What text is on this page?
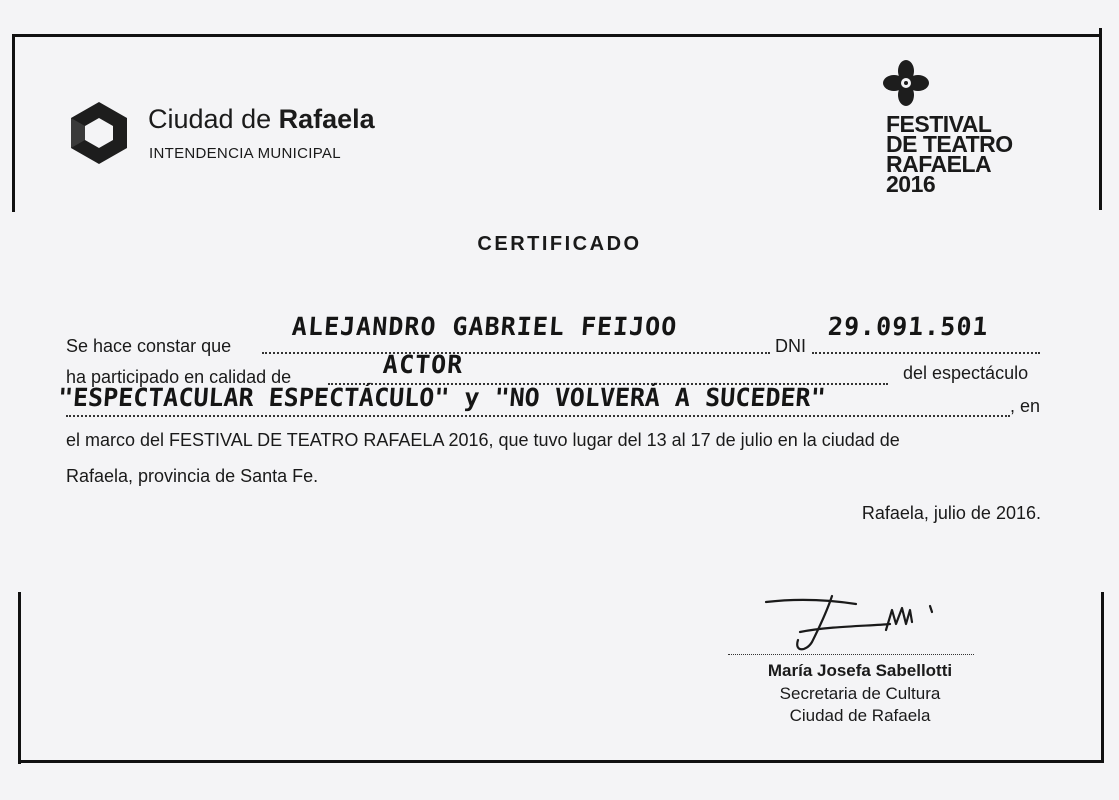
Ciudad de Rafaela
INTENDENCIA MUNICIPAL
FESTIVAL
DE TEATRO
RAFAELA
2016
CERTIFICADO
Se hace constar que
ALEJANDRO GABRIEL FEIJOO
DNI
29.091.501
ha participado en calidad de	ACTOR	del espectáculo
"ESPECTACULAR ESPECTÁCULO" y "NO VOLVERÁ A SUCEDER"	, en
el marco del FESTIVAL DE TEATRO RAFAELA 2016, que tuvo lugar del 13 al 17 de julio en la ciudad de
Rafaela, provincia de Santa Fe.
Rafaela, julio de 2016.
María Josefa Sabellotti
Secretaria de Cultura
Ciudad de Rafaela
